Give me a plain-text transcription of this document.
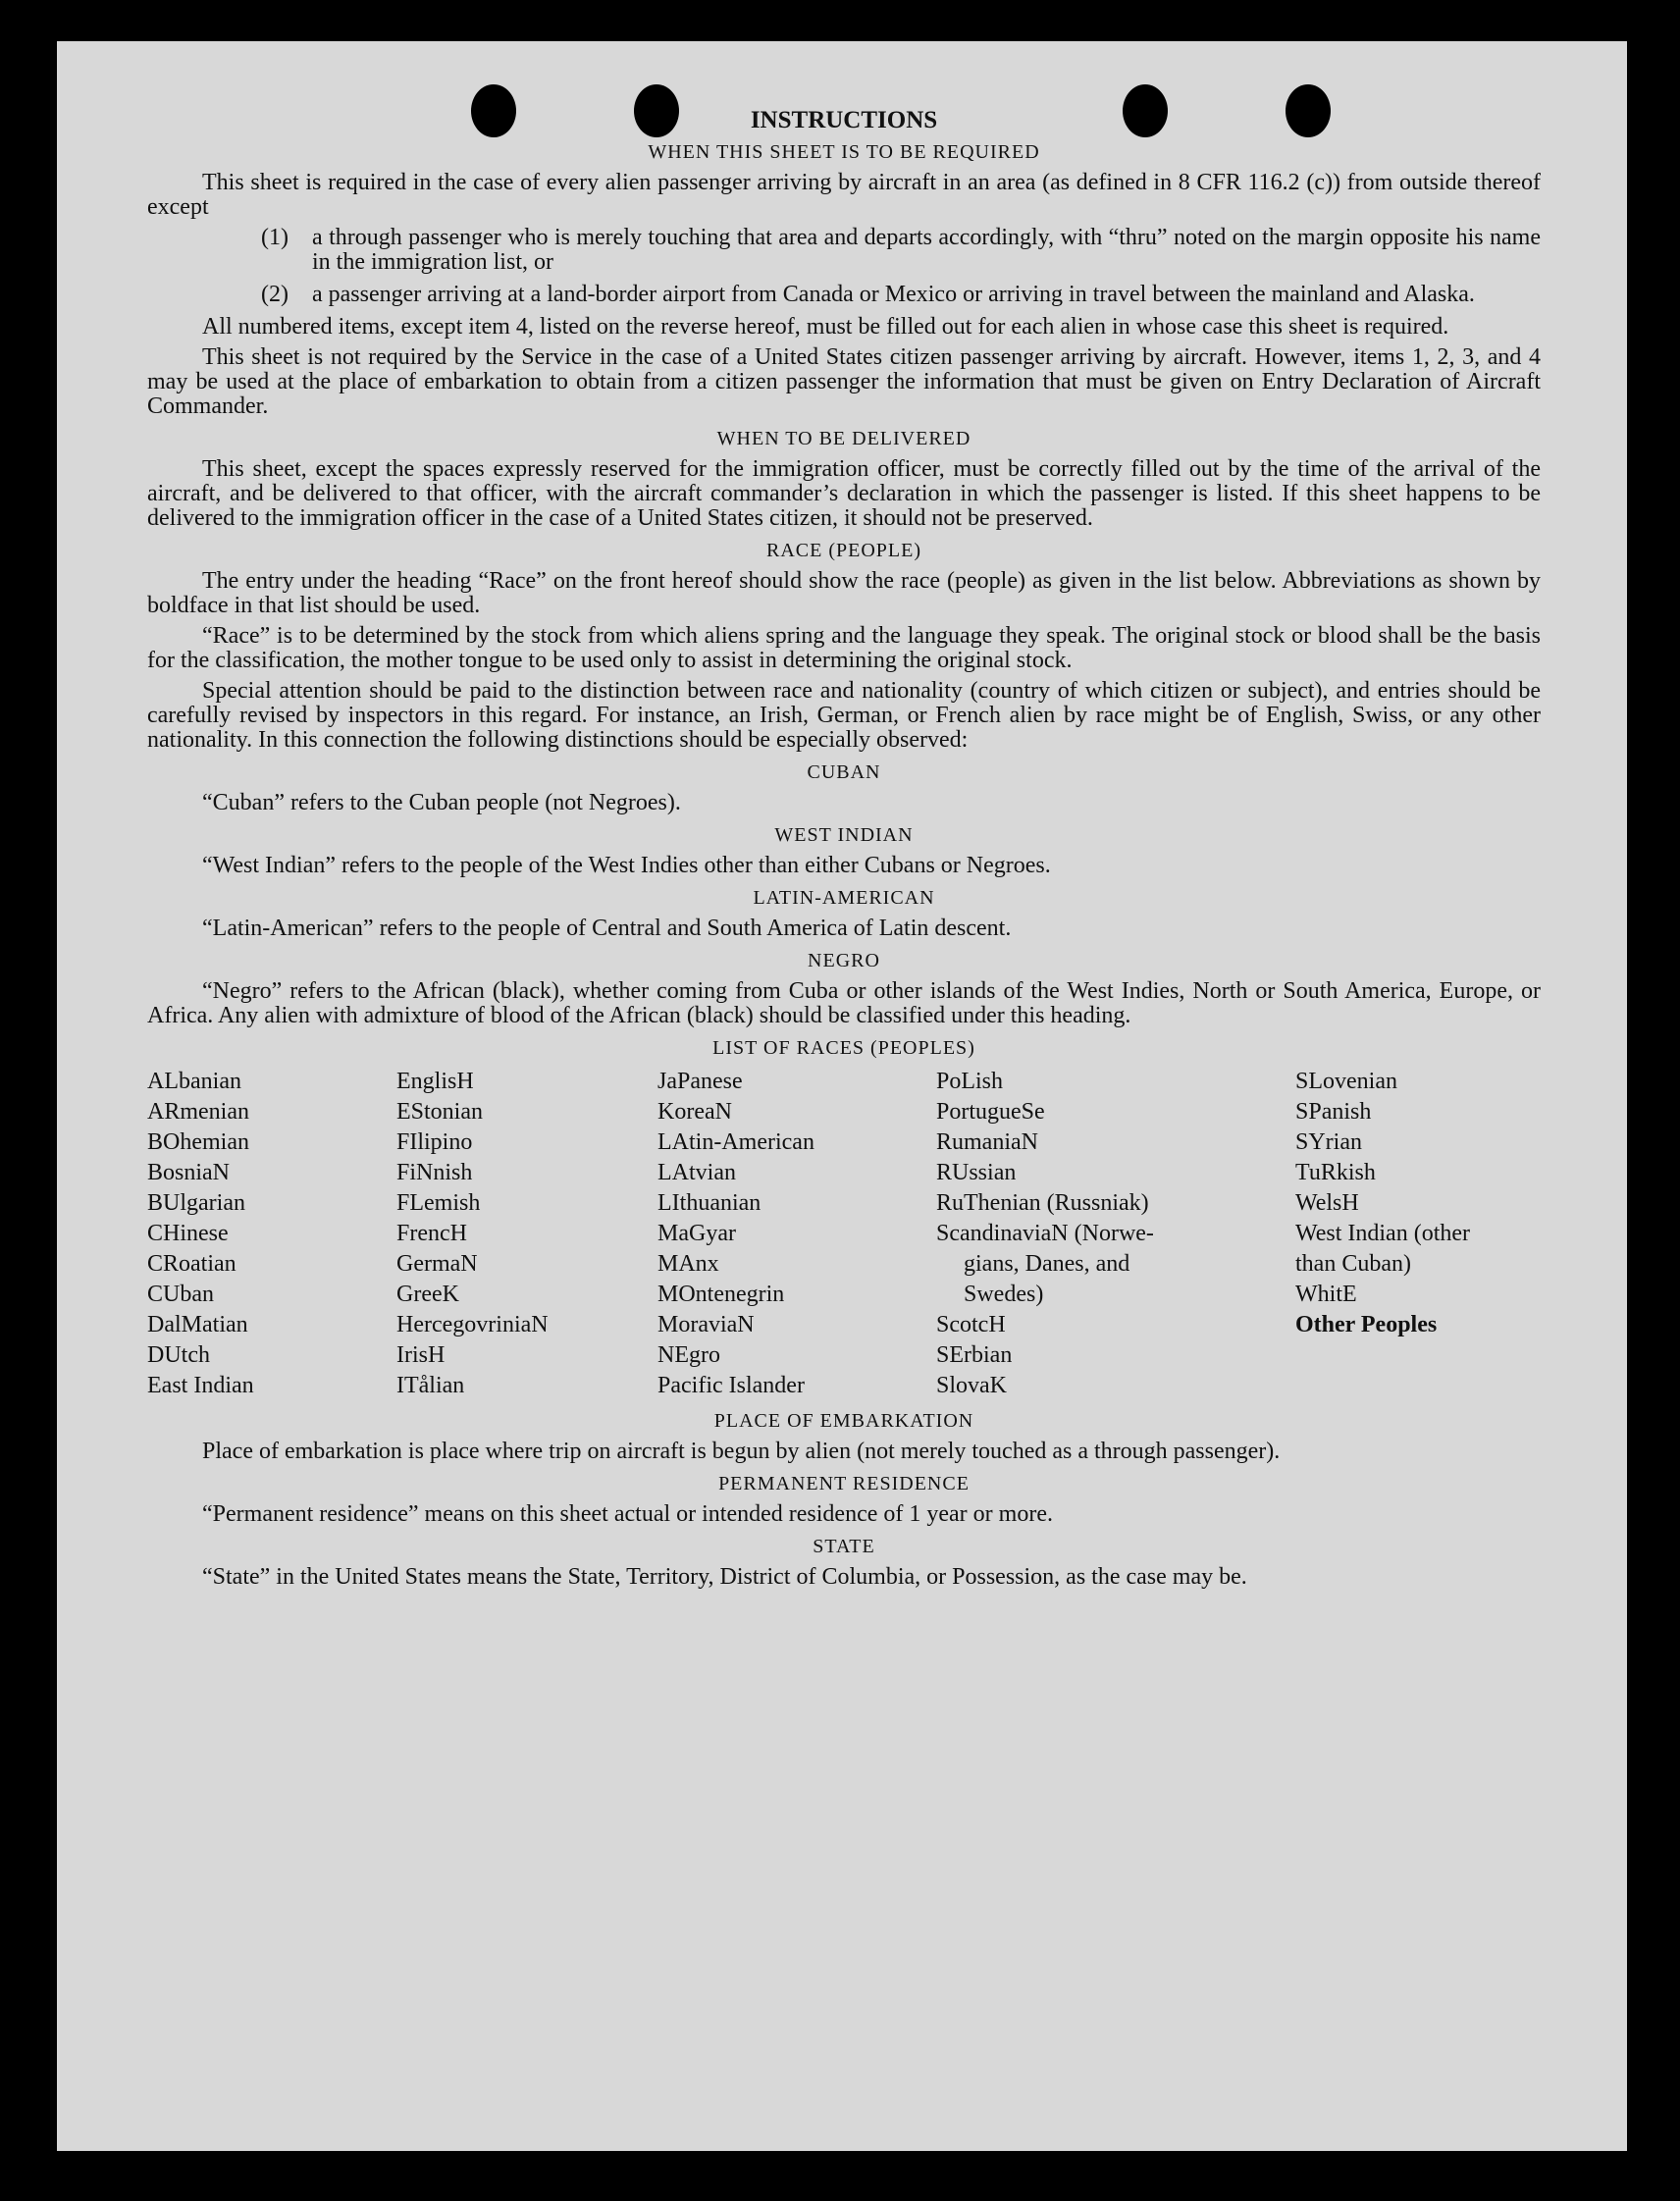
INSTRUCTIONS
WHEN THIS SHEET IS TO BE REQUIRED

This sheet is required in the case of every alien passenger arriving by aircraft in an area (as defined in 8 CFR 116.2 (c)) from outside thereof except

(1)	a through passenger who is merely touching that area and departs accordingly, with “thru” noted on the margin opposite his name in the immigration list, or
(2)	a passenger arriving at a land-border airport from Canada or Mexico or arriving in travel between the mainland and Alaska.

All numbered items, except item 4, listed on the reverse hereof, must be filled out for each alien in whose case this sheet is required.

This sheet is not required by the Service in the case of a United States citizen passenger arriving by aircraft. However, items 1, 2, 3, and 4 may be used at the place of embarkation to obtain from a citizen passenger the information that must be given on Entry Declaration of Aircraft Commander.

WHEN TO BE DELIVERED

This sheet, except the spaces expressly reserved for the immigration officer, must be correctly filled out by the time of the arrival of the aircraft, and be delivered to that officer, with the aircraft commander’s declaration in which the passenger is listed. If this sheet happens to be delivered to the immigration officer in the case of a United States citizen, it should not be preserved.

RACE (PEOPLE)

The entry under the heading “Race” on the front hereof should show the race (people) as given in the list below. Abbreviations as shown by boldface in that list should be used.

“Race” is to be determined by the stock from which aliens spring and the language they speak. The original stock or blood shall be the basis for the classification, the mother tongue to be used only to assist in determining the original stock.

Special attention should be paid to the distinction between race and nationality (country of which citizen or subject), and entries should be carefully revised by inspectors in this regard. For instance, an Irish, German, or French alien by race might be of English, Swiss, or any other nationality. In this connection the following distinctions should be especially observed:

CUBAN

“Cuban” refers to the Cuban people (not Negroes).

WEST INDIAN

“West Indian” refers to the people of the West Indies other than either Cubans or Negroes.

LATIN-AMERICAN

“Latin-American” refers to the people of Central and South America of Latin descent.

NEGRO

“Negro” refers to the African (black), whether coming from Cuba or other islands of the West Indies, North or South America, Europe, or Africa. Any alien with admixture of blood of the African (black) should be classified under this heading.

LIST OF RACES (PEOPLES)
ALbanian
ARmenian
BOhemian
BosniaN
BUlgarian
CHinese
CRoatian
CUban
DalMatian
DUtch
East Indian
EnglisH
EStonian
FIlipino
FiNnish
FLemish
FrencH
GermaN
GreeK
HercegovriniaN
IrisH
ITålian
JaPanese
KoreaN
LAtin-American
LAtvian
LIthuanian
MaGyar
MAnx
MOntenegrin
MoraviaN
NEgro
Pacific Islander
PoLish
PortugueSe
RumaniaN
RUssian
RuThenian (Russniak)
ScandinaviaN (Norwe-
gians, Danes, and
Swedes)
ScotcH
SErbian
SlovaK
SLovenian
SPanish
SYrian
TuRkish
WelsH
West Indian (other
than Cuban)
WhitE
Other Peoples
PLACE OF EMBARKATION

Place of embarkation is place where trip on aircraft is begun by alien (not merely touched as a through passenger).

PERMANENT RESIDENCE

“Permanent residence” means on this sheet actual or intended residence of 1 year or more.

STATE

“State” in the United States means the State, Territory, District of Columbia, or Possession, as the case may be.
